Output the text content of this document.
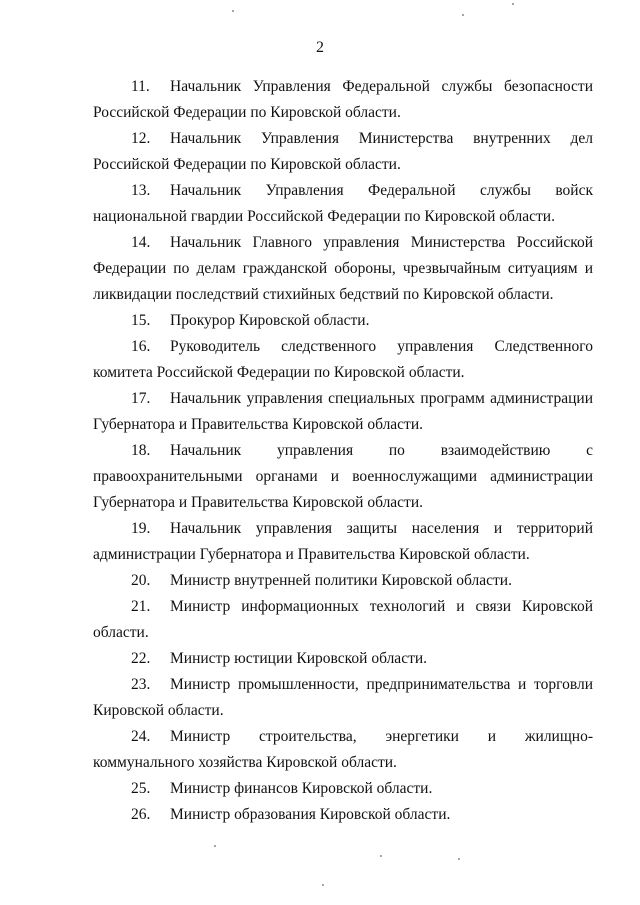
2
11. Начальник Управления Федеральной службы безопасности Российской Федерации по Кировской области.
12. Начальник Управления Министерства внутренних дел Российской Федерации по Кировской области.
13. Начальник Управления Федеральной службы войск национальной гвардии Российской Федерации по Кировской области.
14. Начальник Главного управления Министерства Российской Федерации по делам гражданской обороны, чрезвычайным ситуациям и ликвидации последствий стихийных бедствий по Кировской области.
15. Прокурор Кировской области.
16. Руководитель следственного управления Следственного комитета Российской Федерации по Кировской области.
17. Начальник управления специальных программ администрации Губернатора и Правительства Кировской области.
18. Начальник управления по взаимодействию с правоохранительными органами и военнослужащими администрации Губернатора и Правительства Кировской области.
19. Начальник управления защиты населения и территорий администрации Губернатора и Правительства Кировской области.
20. Министр внутренней политики Кировской области.
21. Министр информационных технологий и связи Кировской области.
22. Министр юстиции Кировской области.
23. Министр промышленности, предпринимательства и торговли Кировской области.
24. Министр строительства, энергетики и жилищно-коммунального хозяйства Кировской области.
25. Министр финансов Кировской области.
26. Министр образования Кировской области.
